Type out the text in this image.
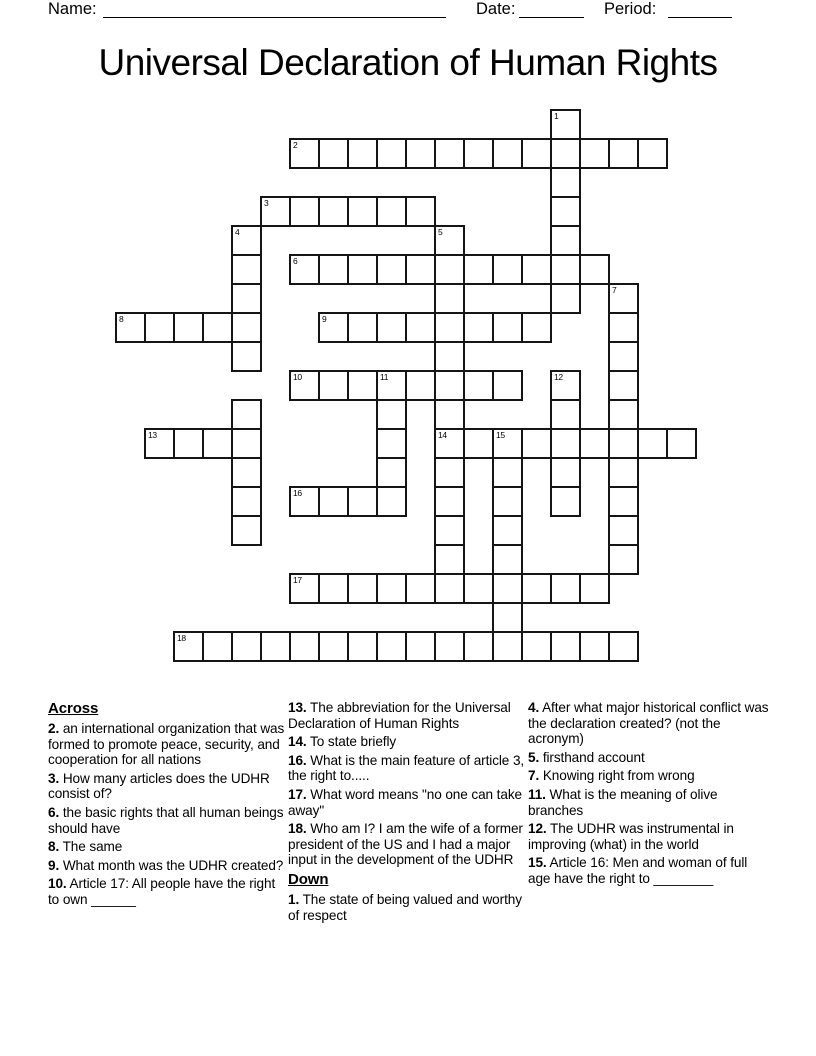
Name:	Date:	Period:
Universal Declaration of Human Rights
1
2
3
4	5
6
7
8	9
10	11	12
13	14	15
16
17
18
Across

2. an international organization that was formed to promote peace, security, and cooperation for all nations

3. How many articles does the UDHR consist of?

6. the basic rights that all human beings should have

8. The same

9. What month was the UDHR created?

10. Article 17: All people have the right to own ______

13. The abbreviation for the Universal Declaration of Human Rights

14. To state briefly

16. What is the main feature of article 3, the right to.....

17. What word means "no one can take away"

18. Who am I? I am the wife of a former president of the US and I had a major input in the development of the UDHR

Down

1. The state of being valued and worthy of respect

4. After what major historical conflict was the declaration created? (not the acronym)

5. firsthand account

7. Knowing right from wrong

11. What is the meaning of olive branches

12. The UDHR was instrumental in improving (what) in the world

15. Article 16: Men and woman of full age have the right to ________
